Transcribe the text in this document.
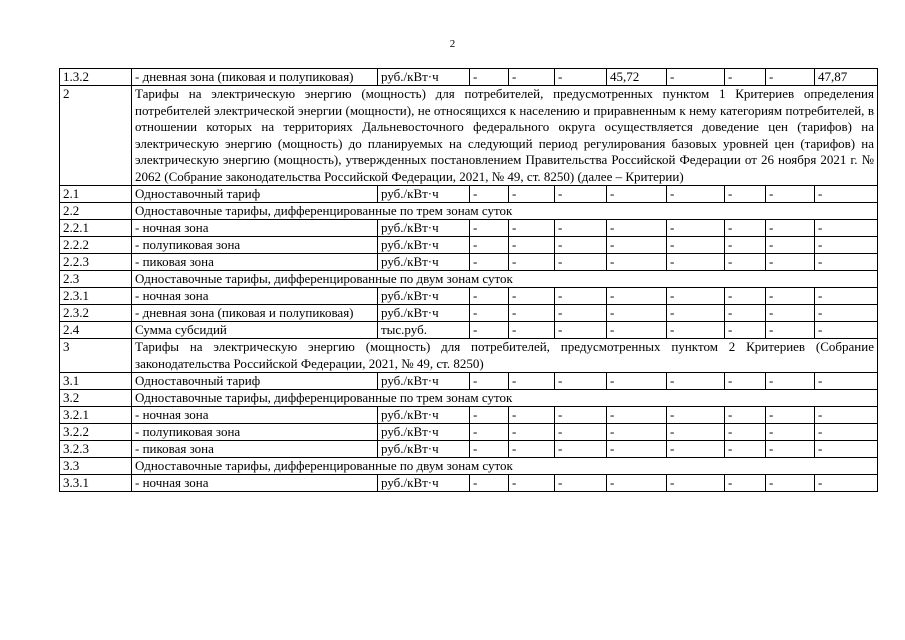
2
1.3.2	- дневная зона (пиковая и полупиковая)	руб./кВт·ч	-	-	-	45,72	-	-	-	47,87
2	Тарифы на электрическую энергию (мощность) для потребителей, предусмотренных пунктом 1 Критериев определения потребителей электрической энергии (мощности), не относящихся к населению и приравненным к нему категориям потребителей, в отношении которых на территориях Дальневосточного федерального округа осуществляется доведение цен (тарифов) на электрическую энергию (мощность) до планируемых на следующий период регулирования базовых уровней цен (тарифов) на электрическую энергию (мощность), утвержденных постановлением Правительства Российской Федерации от 26 ноября 2021 г. № 2062 (Собрание законодательства Российской Федерации, 2021, № 49, ст. 8250) (далее – Критерии)									
2.1	Одноставочный тариф	руб./кВт·ч	-	-	-	-	-	-	-	-
2.2	Одноставочные тарифы, дифференцированные по трем зонам суток									
2.2.1	- ночная зона	руб./кВт·ч	-	-	-	-	-	-	-	-
2.2.2	- полупиковая зона	руб./кВт·ч	-	-	-	-	-	-	-	-
2.2.3	- пиковая зона	руб./кВт·ч	-	-	-	-	-	-	-	-
2.3	Одноставочные тарифы, дифференцированные по двум зонам суток									
2.3.1	- ночная зона	руб./кВт·ч	-	-	-	-	-	-	-	-
2.3.2	- дневная зона (пиковая и полупиковая)	руб./кВт·ч	-	-	-	-	-	-	-	-
2.4	Сумма субсидий	тыс.руб.	-	-	-	-	-	-	-	-
3	Тарифы на электрическую энергию (мощность) для потребителей, предусмотренных пунктом 2 Критериев (Собрание законодательства Российской Федерации, 2021, № 49, ст. 8250)									
3.1	Одноставочный тариф	руб./кВт·ч	-	-	-	-	-	-	-	-
3.2	Одноставочные тарифы, дифференцированные по трем зонам суток									
3.2.1	- ночная зона	руб./кВт·ч	-	-	-	-	-	-	-	-
3.2.2	- полупиковая зона	руб./кВт·ч	-	-	-	-	-	-	-	-
3.2.3	- пиковая зона	руб./кВт·ч	-	-	-	-	-	-	-	-
3.3	Одноставочные тарифы, дифференцированные по двум зонам суток									
3.3.1	- ночная зона	руб./кВт·ч	-	-	-	-	-	-	-	-
